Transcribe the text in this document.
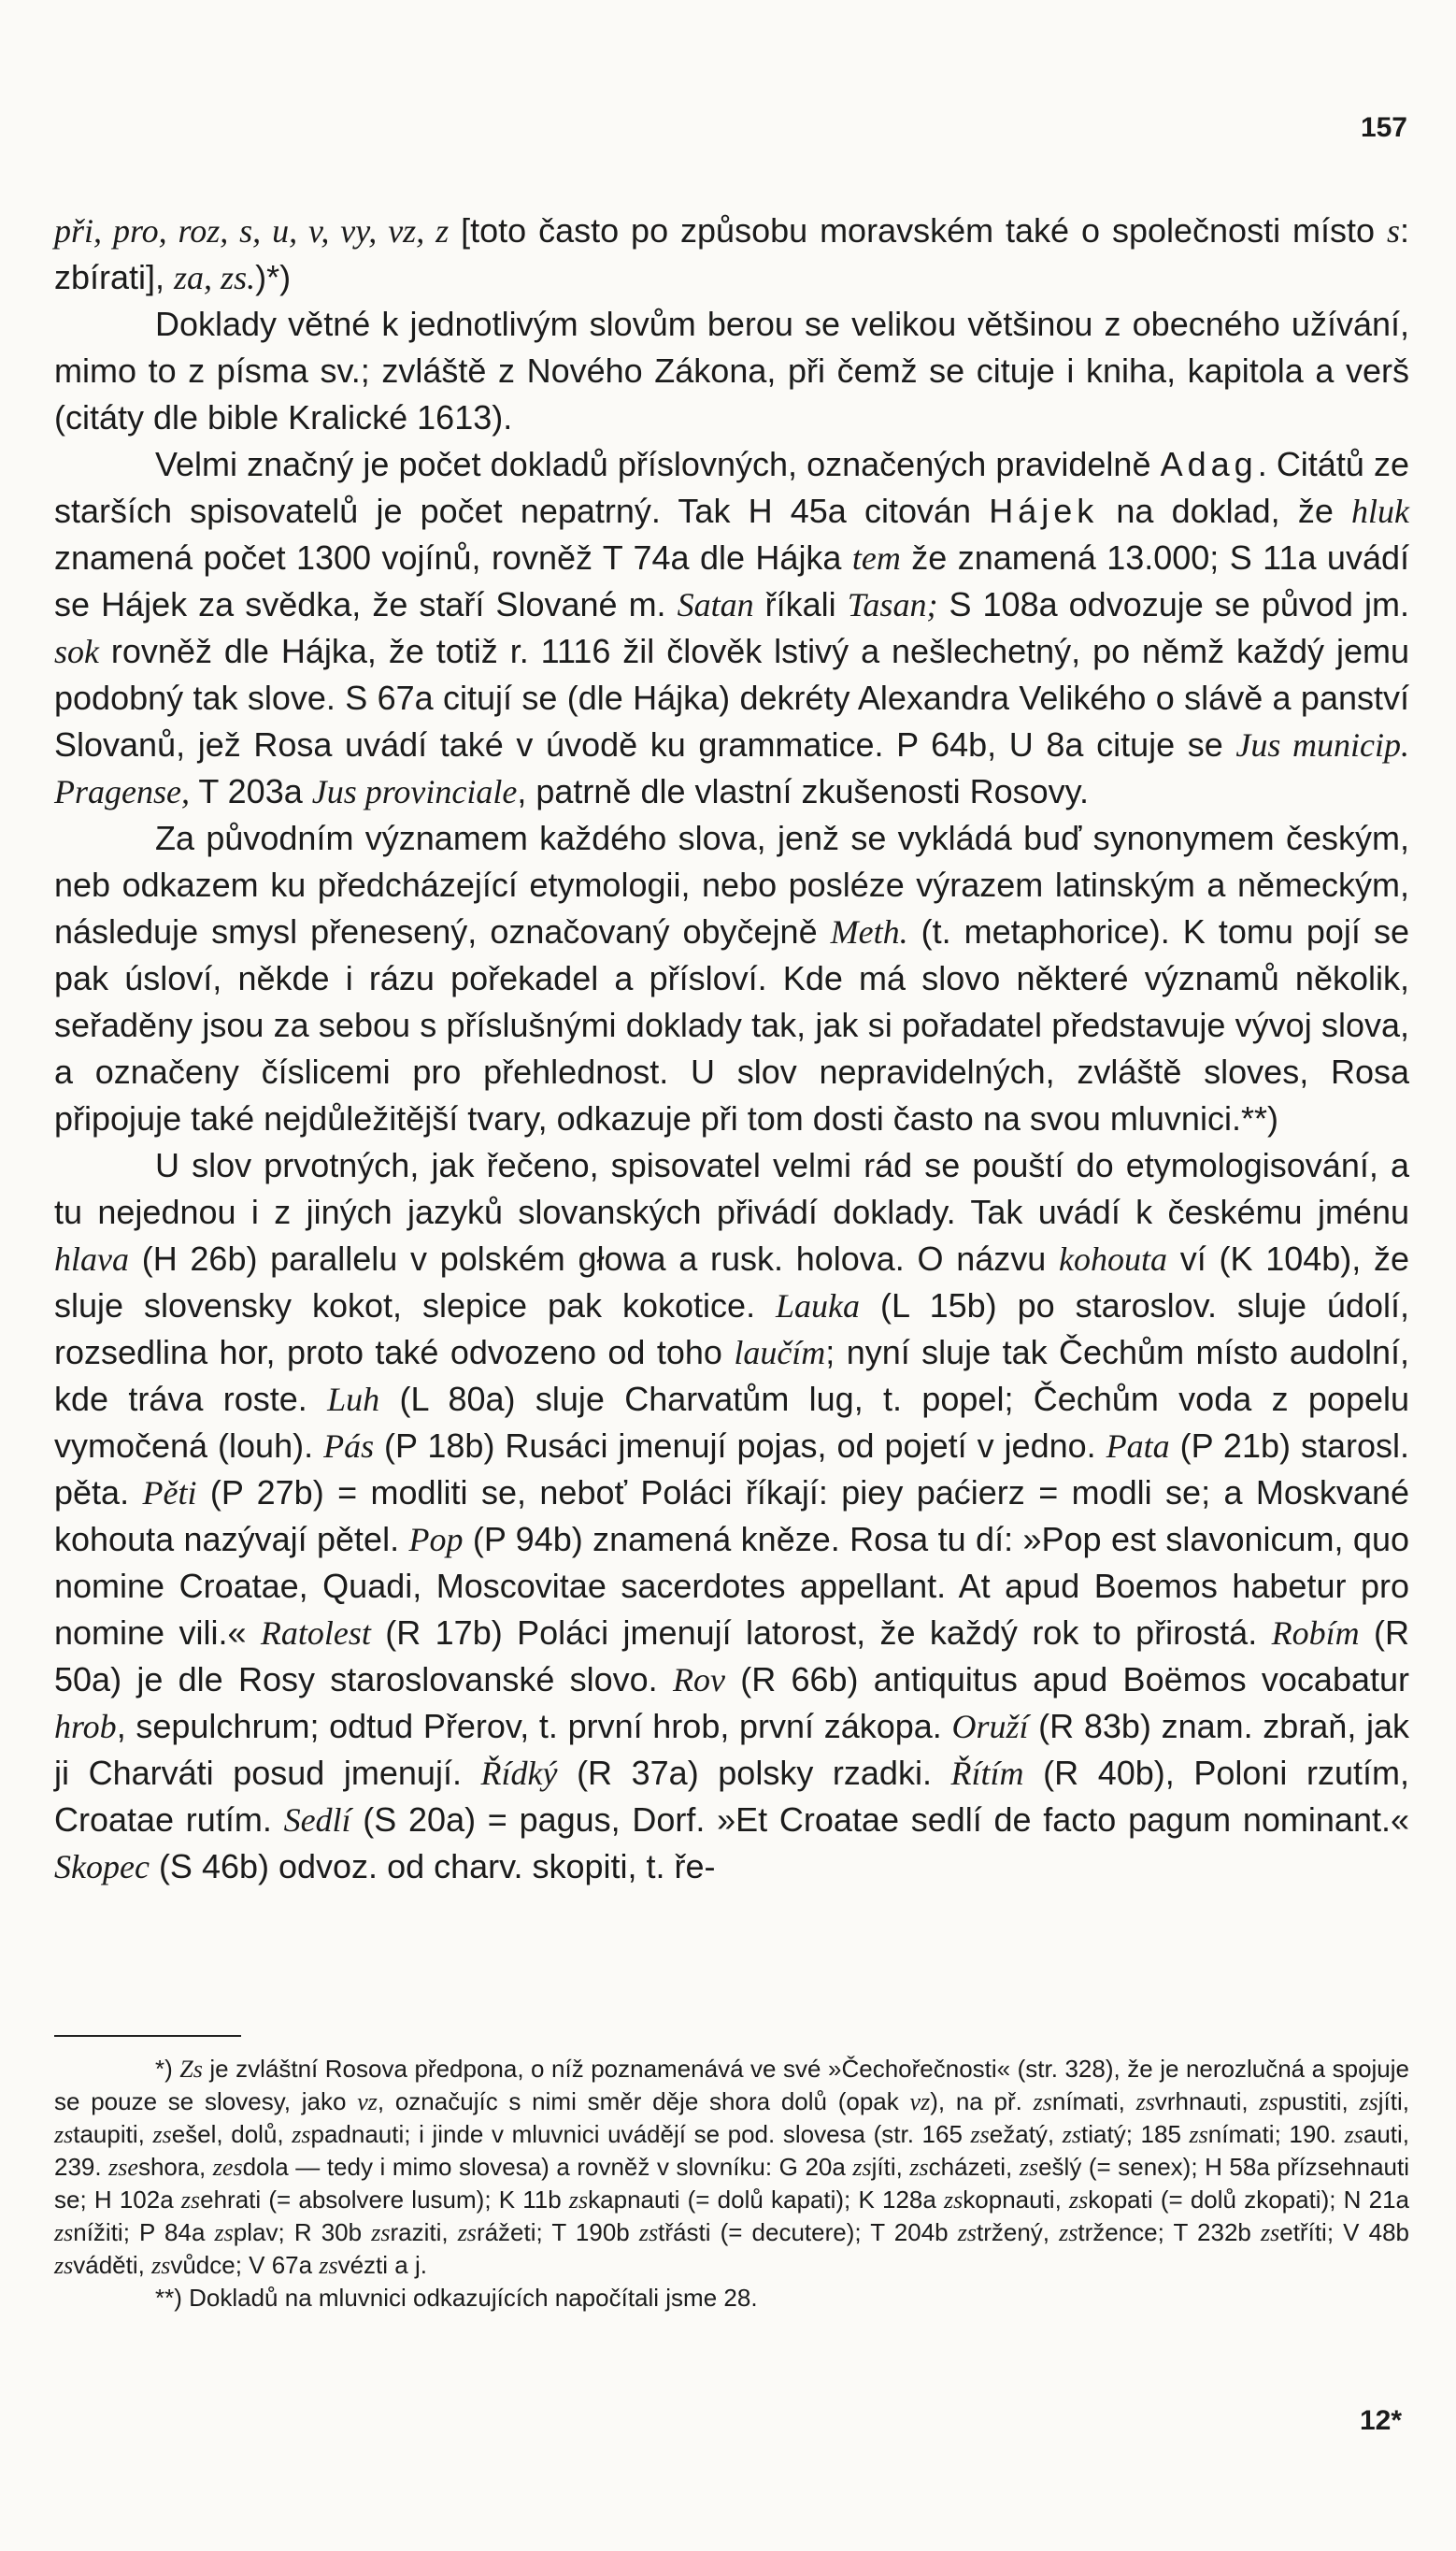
157

při, pro, roz, s, u, v, vy, vz, z [toto často po způsobu moravském také o společnosti místo s: zbírati], za, zs.)*)

Doklady větné k jednotlivým slovům berou se velikou většinou z obecného užívání, mimo to z písma sv.; zvláště z Nového Zákona, při čemž se cituje i kniha, kapitola a verš (citáty dle bible Kralické 1613).

Velmi značný je počet dokladů příslovných, označených pravidelně Adag. Citátů ze starších spisovatelů je počet nepatrný. Tak H 45a citován Hájek na doklad, že hluk znamená počet 1300 vojínů, rovněž T 74a dle Hájka tem že znamená 13.000; S 11a uvádí se Hájek za svědka, že staří Slované m. Satan říkali Tasan; S 108a odvozuje se původ jm. sok rovněž dle Hájka, že totiž r. 1116 žil člověk lstivý a nešlechetný, po němž každý jemu podobný tak slove. S 67a citují se (dle Hájka) dekréty Alexandra Velikého o slávě a panství Slovanů, jež Rosa uvádí také v úvodě ku grammatice. P 64b, U 8a cituje se Jus municip. Pragense, T 203a Jus provinciale, patrně dle vlastní zkušenosti Rosovy.

Za původním významem každého slova, jenž se vykládá buď synonymem českým, neb odkazem ku předcházející etymologii, nebo posléze výrazem latinským a německým, následuje smysl přenesený, označovaný obyčejně Meth. (t. metaphorice). K tomu pojí se pak úsloví, někde i rázu pořekadel a přísloví. Kde má slovo některé významů několik, seřaděny jsou za sebou s příslušnými doklady tak, jak si pořadatel představuje vývoj slova, a označeny číslicemi pro přehlednost. U slov nepravidelných, zvláště sloves, Rosa připojuje také nejdůležitější tvary, odkazuje při tom dosti často na svou mluvnici.**)

U slov prvotných, jak řečeno, spisovatel velmi rád se pouští do etymologisování, a tu nejednou i z jiných jazyků slovanských přivádí doklady. Tak uvádí k českému jménu hlava (H 26b) parallelu v polském głowa a rusk. holova. O názvu kohouta ví (K 104b), že sluje slovensky kokot, slepice pak kokotice. Lauka (L 15b) po staroslov. sluje údolí, rozsedlina hor, proto také odvozeno od toho laučím; nyní sluje tak Čechům místo audolní, kde tráva roste. Luh (L 80a) sluje Charvatům lug, t. popel; Čechům voda z popelu vymočená (louh). Pás (P 18b) Rusáci jmenují pojas, od pojetí v jedno. Pata (P 21b) starosl. pěta. Pěti (P 27b) = modliti se, neboť Poláci říkají: piey paćierz = modli se; a Moskvané kohouta nazývají pětel. Pop (P 94b) znamená kněze. Rosa tu dí: »Pop est slavonicum, quo nomine Croatae, Quadi, Moscovitae sacerdotes appellant. At apud Boemos habetur pro nomine vili.« Ratolest (R 17b) Poláci jmenují latorost, že každý rok to přirostá. Robím (R 50a) je dle Rosy staroslovanské slovo. Rov (R 66b) antiquitus apud Boëmos vocabatur hrob, sepulchrum; odtud Přerov, t. první hrob, první zákopa. Oruží (R 83b) znam. zbraň, jak ji Charváti posud jmenují. Řídký (R 37a) polsky rzadki. Řítím (R 40b), Poloni rzutím, Croatae rutím. Sedlí (S 20a) = pagus, Dorf. »Et Croatae sedlí de facto pagum nominant.« Skopec (S 46b) odvoz. od charv. skopiti, t. ře-

*) Zs je zvláštní Rosova předpona, o níž poznamenává ve své »Čechořečnosti« (str. 328), že je nerozlučná a spojuje se pouze se slovesy, jako vz, označujíc s nimi směr děje shora dolů (opak vz), na př. zsnímati, zsvrhnauti, zspustiti, zsjíti, zstaupiti, zsešel, dolů, zspadnauti; i jinde v mluvnici uvádějí se pod. slovesa (str. 165 zsežatý, zstiatý; 185 zsnímati; 190. zsauti, 239. zseshora, zesdola — tedy i mimo slovesa) a rovněž v slovníku: G 20a zsjíti, zscházeti, zsešlý (= senex); H 58a přízsehnauti se; H 102a zsehrati (= absolvere lusum); K 11b zskapnauti (= dolů kapati); K 128a zskopnauti, zskopati (= dolů zkopati); N 21a zsnížiti; P 84a zsplav; R 30b zsraziti, zsrážeti; T 190b zstřásti (= decutere); T 204b zstržený, zstržence; T 232b zsetříti; V 48b zsváděti, zsvůdce; V 67a zsvézti a j.

**) Dokladů na mluvnici odkazujících napočítali jsme 28.

12*
